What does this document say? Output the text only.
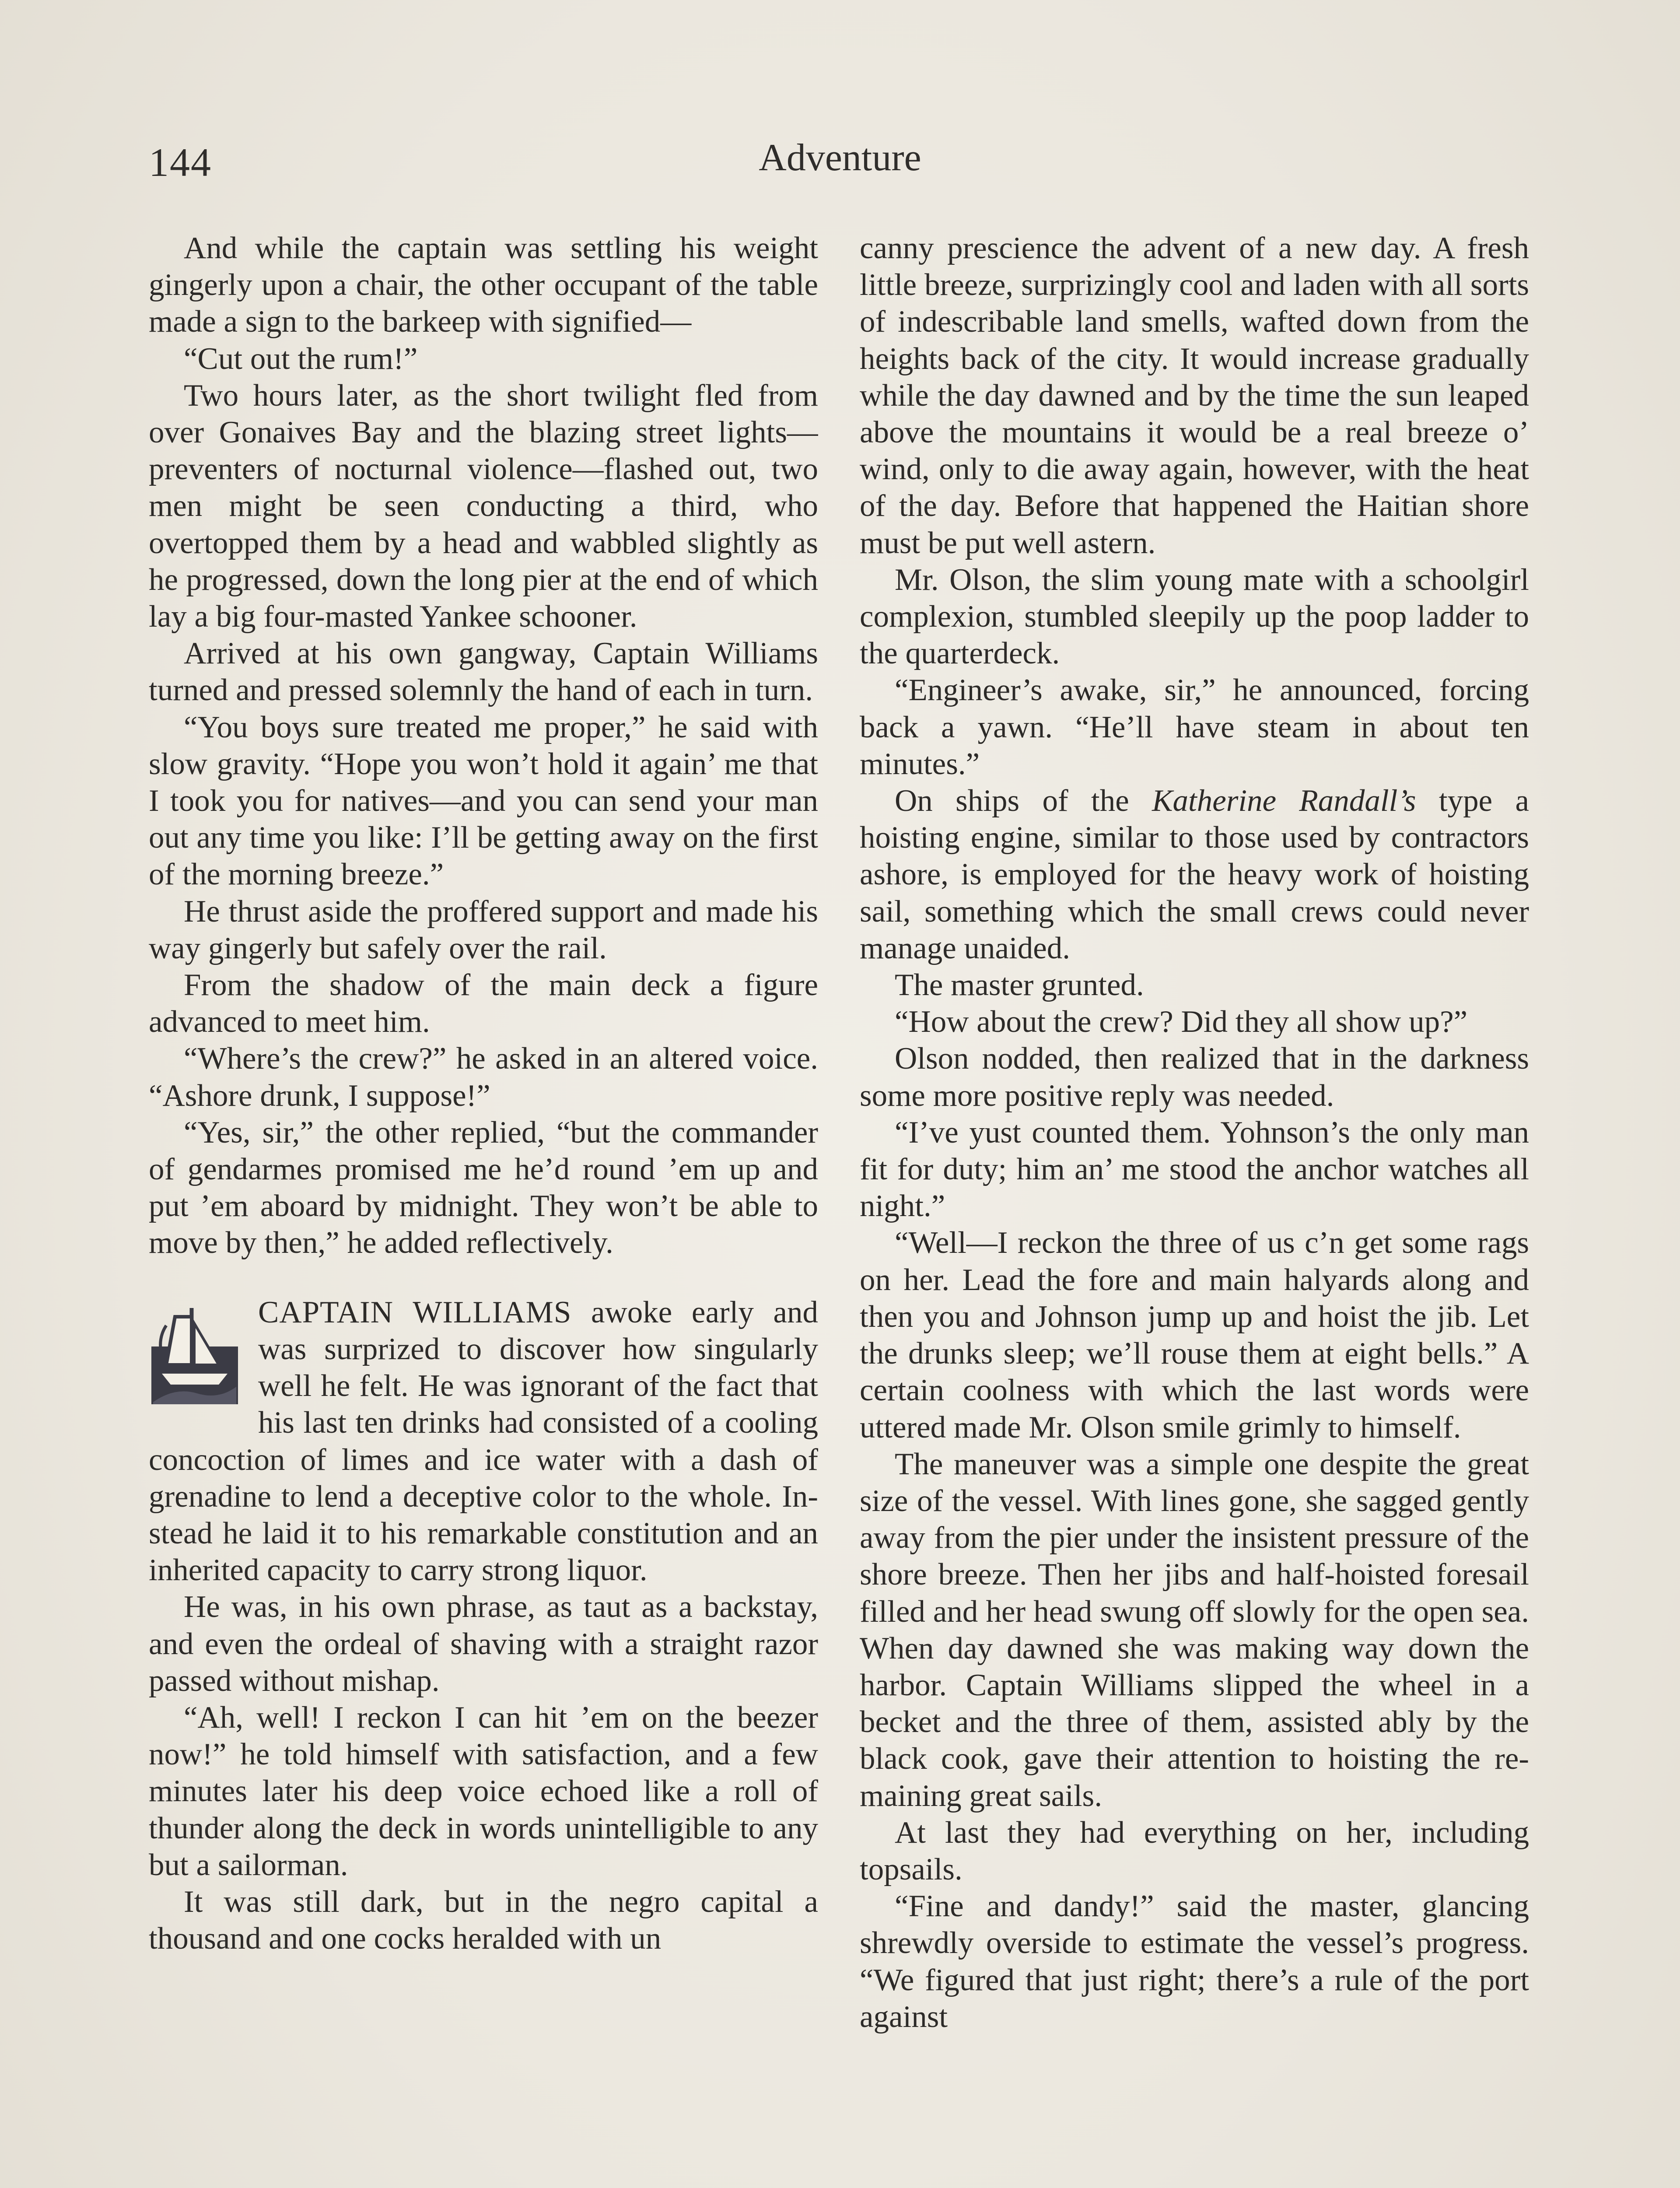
144	Adventure

And while the captain was settling his weight gingerly upon a chair, the other occupant of the table made a sign to the barkeep with signified—

“Cut out the rum!”

Two hours later, as the short twilight fled from over Gonaives Bay and the blazing street lights—preventers of nocturnal violence—flashed out, two men might be seen conducting a third, who overtopped them by a head and wabbled slightly as he progressed, down the long pier at the end of which lay a big four-masted Yankee schooner.

Arrived at his own gangway, Captain Williams turned and pressed solemnly the hand of each in turn.

“You boys sure treated me proper,” he said with slow gravity. “Hope you won’t hold it again’ me that I took you for natives—and you can send your man out any time you like: I’ll be getting away on the first of the morning breeze.”

He thrust aside the proffered support and made his way gingerly but safely over the rail.

From the shadow of the main deck a figure advanced to meet him.

“Where’s the crew?” he asked in an altered voice. “Ashore drunk, I suppose!”

“Yes, sir,” the other replied, “but the commander of gendarmes promised me he’d round ’em up and put ’em aboard by midnight. They won’t be able to move by then,” he added reflectively.

CAPTAIN WILLIAMS awoke early and was surprized to discover how singularly well he felt. He was ignorant of the fact that his last ten drinks had consisted of a cooling concoction of limes and ice water with a dash of grenadine to lend a deceptive color to the whole. Instead he laid it to his remarkable constitution and an inherited capacity to carry strong liquor.

He was, in his own phrase, as taut as a backstay, and even the ordeal of shaving with a straight razor passed without mishap.

“Ah, well! I reckon I can hit ’em on the beezer now!” he told himself with satisfaction, and a few minutes later his deep voice echoed like a roll of thunder along the deck in words unintelligible to any but a sailorman.

It was still dark, but in the negro capital a thousand and one cocks heralded with un

canny prescience the advent of a new day. A fresh little breeze, surprizingly cool and laden with all sorts of indescribable land smells, wafted down from the heights back of the city. It would increase gradually while the day dawned and by the time the sun leaped above the mountains it would be a real breeze o’ wind, only to die away again, however, with the heat of the day. Before that happened the Haitian shore must be put well astern.

Mr. Olson, the slim young mate with a schoolgirl complexion, stumbled sleepily up the poop ladder to the quarterdeck.

“Engineer’s awake, sir,” he announced, forcing back a yawn. “He’ll have steam in about ten minutes.”

On ships of the Katherine Randall’s type a hoisting engine, similar to those used by contractors ashore, is employed for the heavy work of hoisting sail, something which the small crews could never manage unaided.

The master grunted.

“How about the crew? Did they all show up?”

Olson nodded, then realized that in the darkness some more positive reply was needed.

“I’ve yust counted them. Yohnson’s the only man fit for duty; him an’ me stood the anchor watches all night.”

“Well—I reckon the three of us c’n get some rags on her. Lead the fore and main halyards along and then you and Johnson jump up and hoist the jib. Let the drunks sleep; we’ll rouse them at eight bells.” A certain coolness with which the last words were uttered made Mr. Olson smile grimly to himself.

The maneuver was a simple one despite the great size of the vessel. With lines gone, she sagged gently away from the pier under the insistent pressure of the shore breeze. Then her jibs and half-hoisted foresail filled and her head swung off slowly for the open sea. When day dawned she was making way down the harbor. Captain Williams slipped the wheel in a becket and the three of them, assisted ably by the black cook, gave their attention to hoisting the remaining great sails.

At last they had everything on her, including topsails.

“Fine and dandy!” said the master, glancing shrewdly overside to estimate the vessel’s progress. “We figured that just right; there’s a rule of the port against
